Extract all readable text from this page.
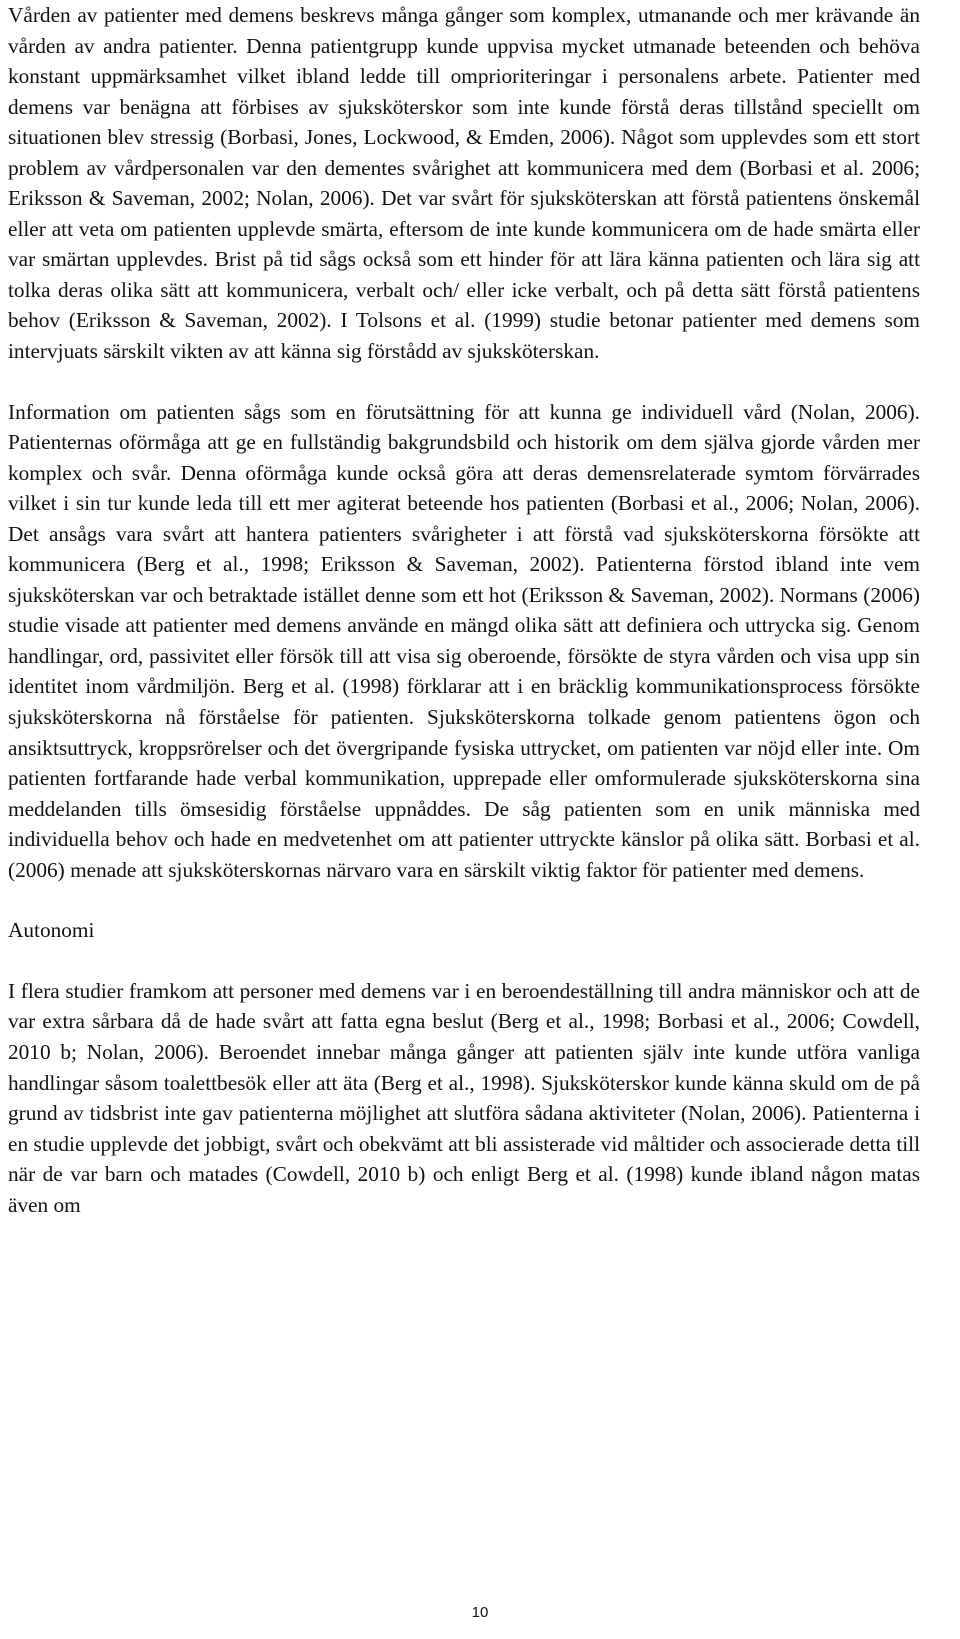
Vården av patienter med demens beskrevs många gånger som komplex, utmanande och mer krävande än vården av andra patienter. Denna patientgrupp kunde uppvisa mycket utmanade beteenden och behöva konstant uppmärksamhet vilket ibland ledde till omprioriteringar i personalens arbete. Patienter med demens var benägna att förbises av sjuksköterskor som inte kunde förstå deras tillstånd speciellt om situationen blev stressig (Borbasi, Jones, Lockwood, & Emden, 2006). Något som upplevdes som ett stort problem av vårdpersonalen var den dementes svårighet att kommunicera med dem (Borbasi et al. 2006; Eriksson & Saveman, 2002; Nolan, 2006). Det var svårt för sjuksköterskan att förstå patientens önskemål eller att veta om patienten upplevde smärta, eftersom de inte kunde kommunicera om de hade smärta eller var smärtan upplevdes. Brist på tid sågs också som ett hinder för att lära känna patienten och lära sig att tolka deras olika sätt att kommunicera, verbalt och/ eller icke verbalt, och på detta sätt förstå patientens behov (Eriksson & Saveman, 2002). I Tolsons et al. (1999) studie betonar patienter med demens som intervjuats särskilt vikten av att känna sig förstådd av sjuksköterskan.

Information om patienten sågs som en förutsättning för att kunna ge individuell vård (Nolan, 2006). Patienternas oförmåga att ge en fullständig bakgrundsbild och historik om dem själva gjorde vården mer komplex och svår. Denna oförmåga kunde också göra att deras demensrelaterade symtom förvärrades vilket i sin tur kunde leda till ett mer agiterat beteende hos patienten (Borbasi et al., 2006; Nolan, 2006). Det ansågs vara svårt att hantera patienters svårigheter i att förstå vad sjuksköterskorna försökte att kommunicera (Berg et al., 1998; Eriksson & Saveman, 2002). Patienterna förstod ibland inte vem sjuksköterskan var och betraktade istället denne som ett hot (Eriksson & Saveman, 2002). Normans (2006) studie visade att patienter med demens använde en mängd olika sätt att definiera och uttrycka sig. Genom handlingar, ord, passivitet eller försök till att visa sig oberoende, försökte de styra vården och visa upp sin identitet inom vårdmiljön. Berg et al. (1998) förklarar att i en bräcklig kommunikationsprocess försökte sjuksköterskorna nå förståelse för patienten. Sjuksköterskorna tolkade genom patientens ögon och ansiktsuttryck, kroppsrörelser och det övergripande fysiska uttrycket, om patienten var nöjd eller inte. Om patienten fortfarande hade verbal kommunikation, upprepade eller omformulerade sjuksköterskorna sina meddelanden tills ömsesidig förståelse uppnåddes. De såg patienten som en unik människa med individuella behov och hade en medvetenhet om att patienter uttryckte känslor på olika sätt. Borbasi et al. (2006) menade att sjuksköterskornas närvaro vara en särskilt viktig faktor för patienter med demens.

Autonomi

I flera studier framkom att personer med demens var i en beroendeställning till andra människor och att de var extra sårbara då de hade svårt att fatta egna beslut (Berg et al., 1998; Borbasi et al., 2006; Cowdell, 2010 b; Nolan, 2006). Beroendet innebar många gånger att patienten själv inte kunde utföra vanliga handlingar såsom toalettbesök eller att äta (Berg et al., 1998). Sjuksköterskor kunde känna skuld om de på grund av tidsbrist inte gav patienterna möjlighet att slutföra sådana aktiviteter (Nolan, 2006). Patienterna i en studie upplevde det jobbigt, svårt och obekvämt att bli assisterade vid måltider och associerade detta till när de var barn och matades (Cowdell, 2010 b) och enligt Berg et al. (1998) kunde ibland någon matas även om

10
